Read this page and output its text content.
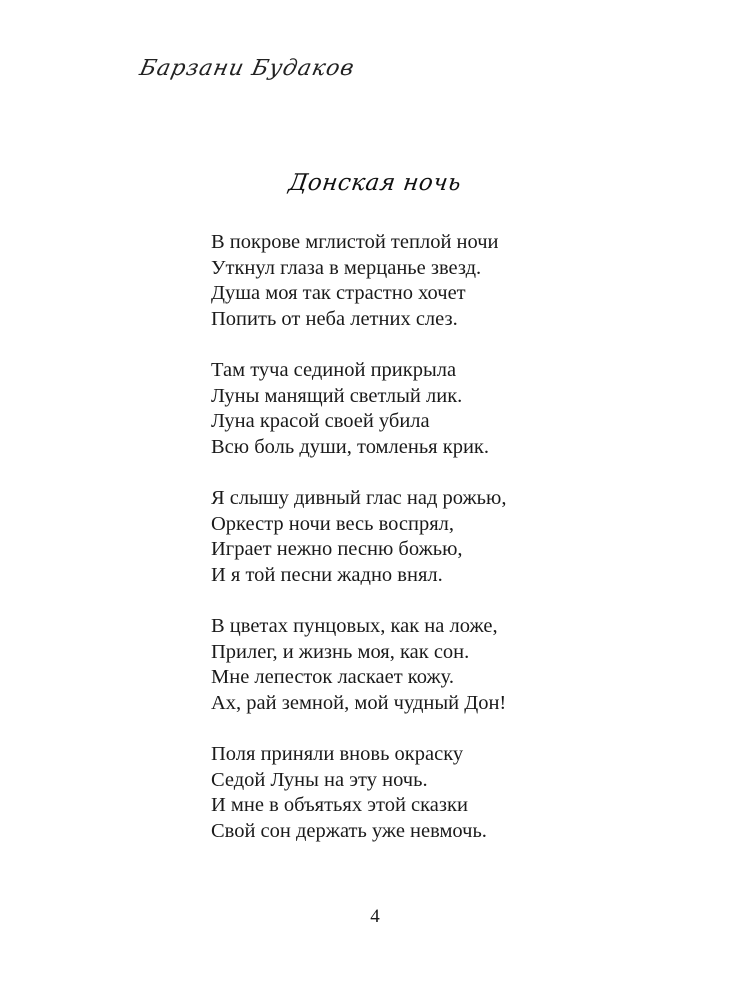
Барзани Будаков
Донская ночь
В покрове мглистой теплой ночи
Уткнул глаза в мерцанье звезд.
Душа моя так страстно хочет
Попить от неба летних слез.
Там туча сединой прикрыла
Луны манящий светлый лик.
Луна красой своей убила
Всю боль души, томленья крик.
Я слышу дивный глас над рожью,
Оркестр ночи весь воспрял,
Играет нежно песню божью,
И я той песни жадно внял.
В цветах пунцовых, как на ложе,
Прилег, и жизнь моя, как сон.
Мне лепесток ласкает кожу.
Ах, рай земной, мой чудный Дон!
Поля приняли вновь окраску
Седой Луны на эту ночь.
И мне в объятьях этой сказки
Свой сон держать уже невмочь.
4
